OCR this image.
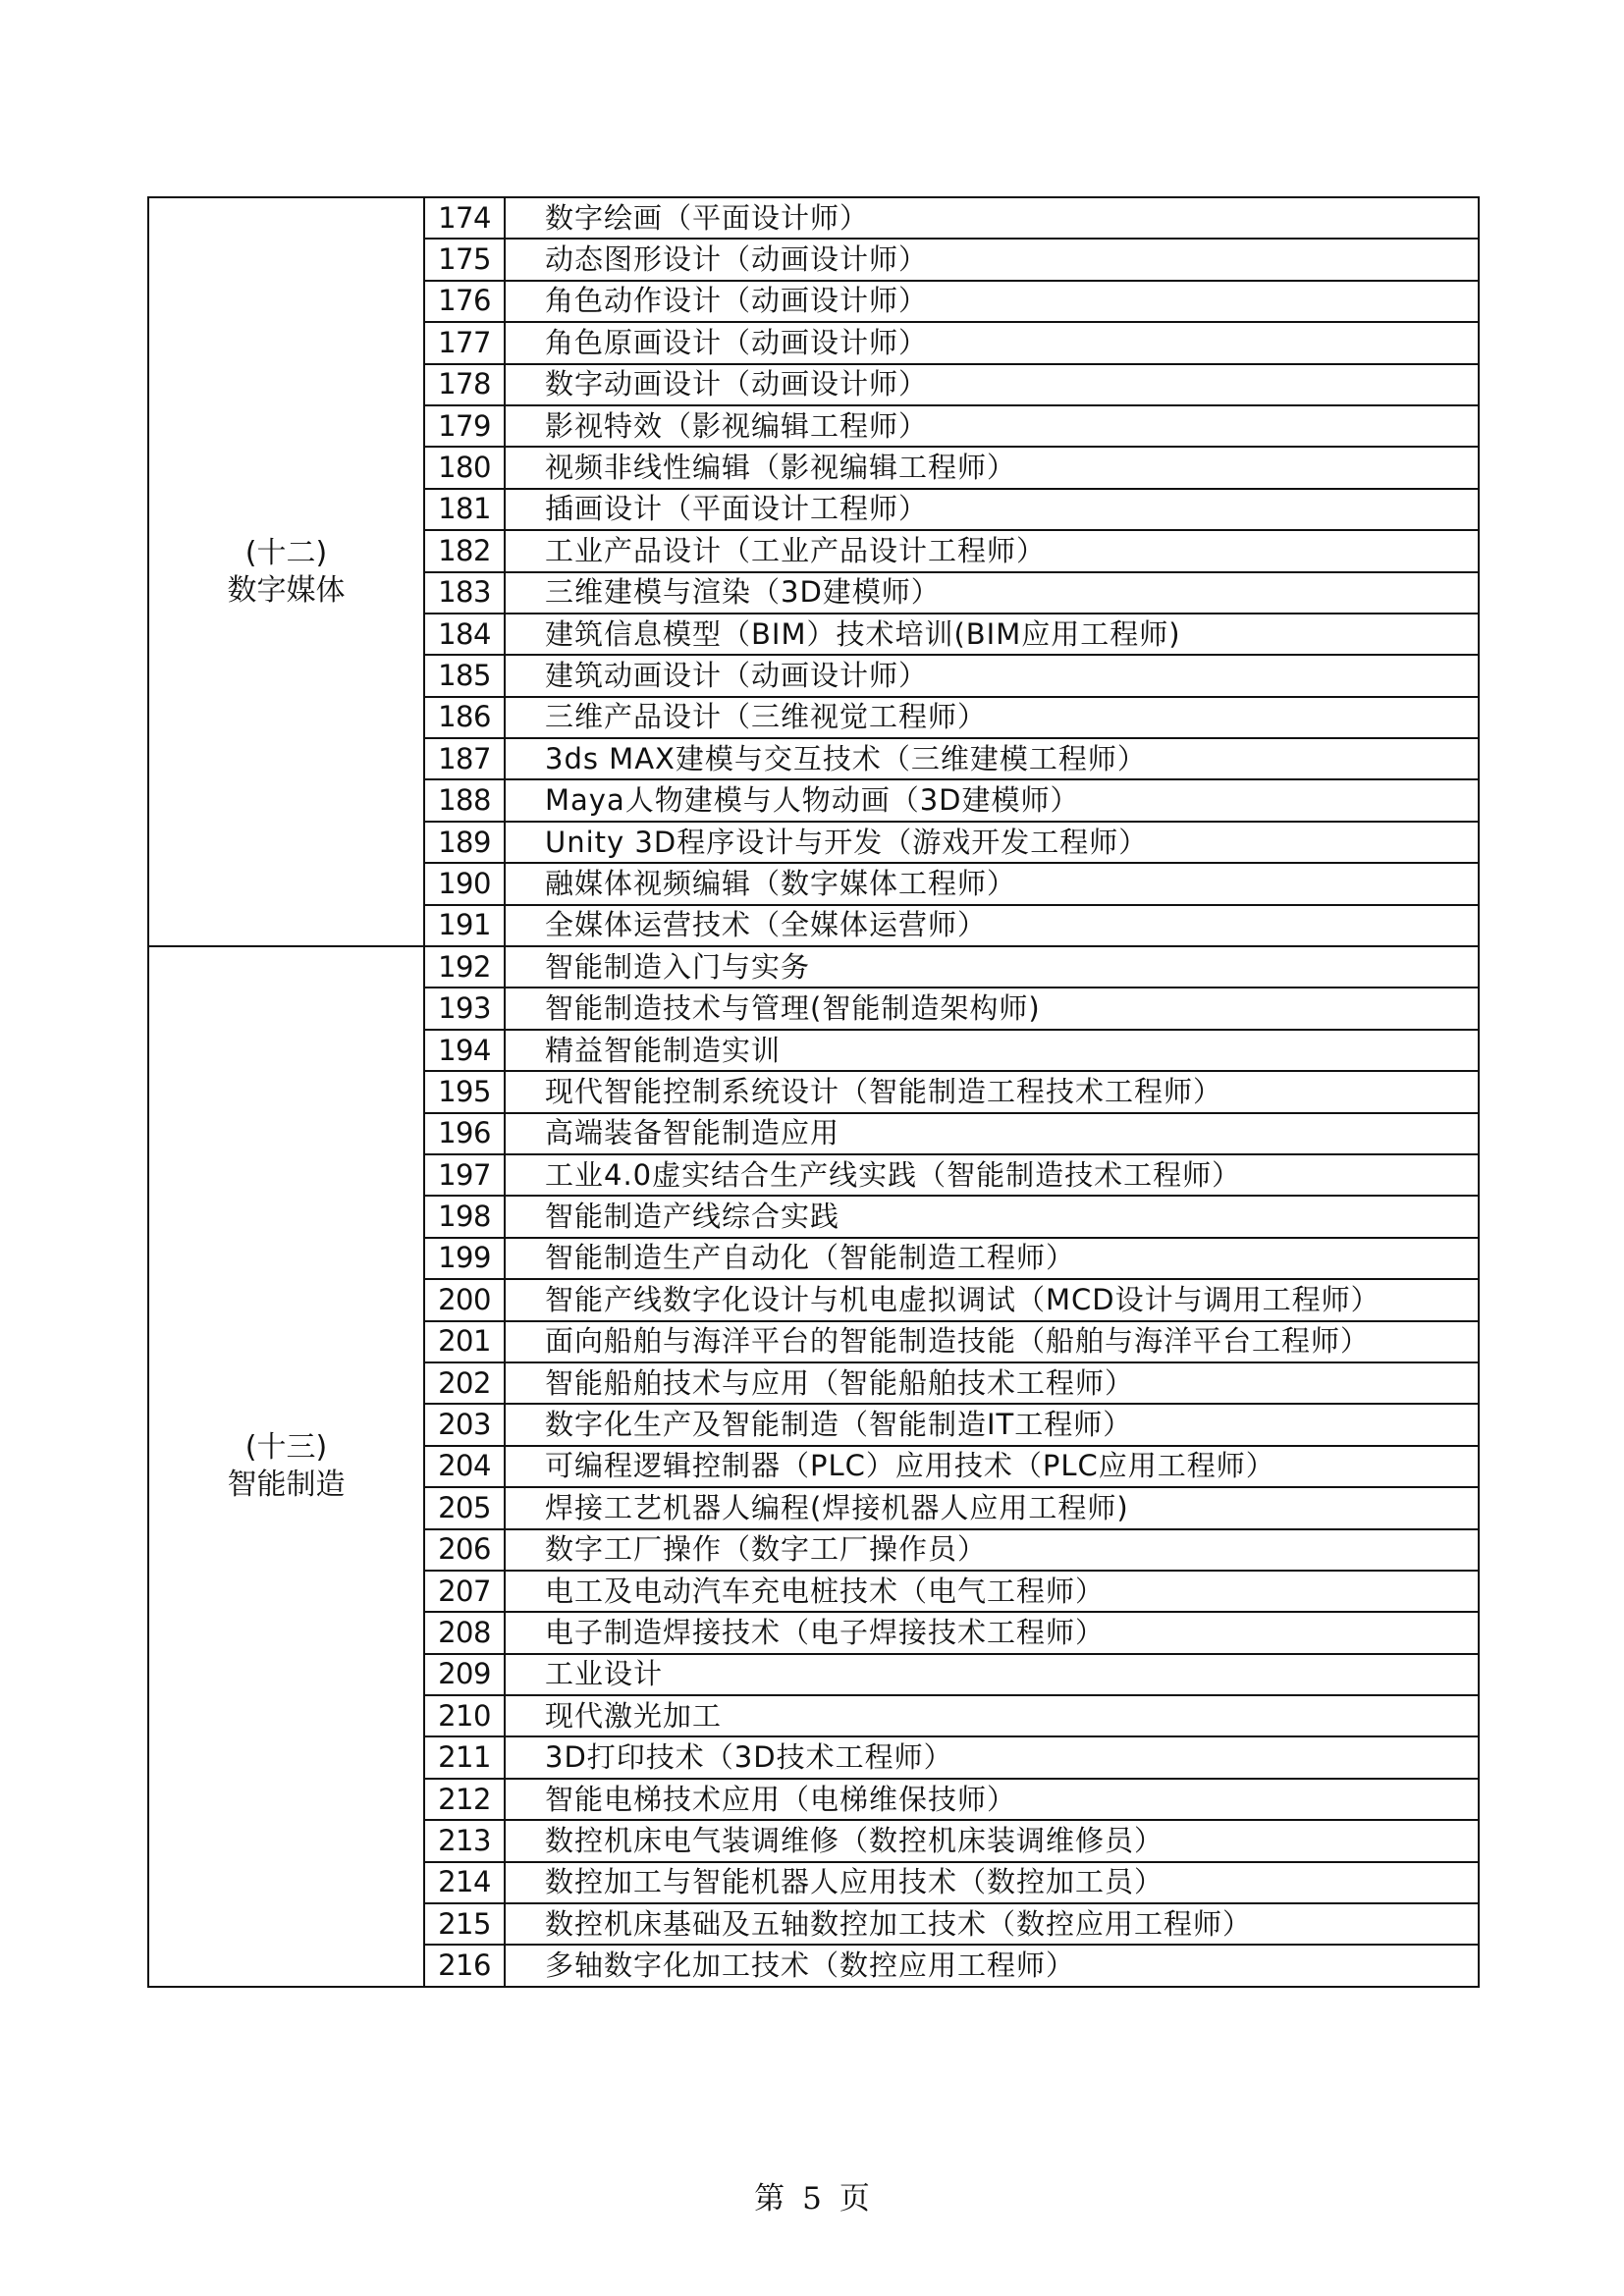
(十二)
数字媒体	174	数字绘画（平面设计师）
	175	动态图形设计（动画设计师）
	176	角色动作设计（动画设计师）
	177	角色原画设计（动画设计师）
	178	数字动画设计（动画设计师）
	179	影视特效（影视编辑工程师）
	180	视频非线性编辑（影视编辑工程师）
	181	插画设计（平面设计工程师）
	182	工业产品设计（工业产品设计工程师）
	183	三维建模与渲染（3D建模师）
	184	建筑信息模型（BIM）技术培训(BIM应用工程师)
	185	建筑动画设计（动画设计师）
	186	三维产品设计（三维视觉工程师）
	187	3ds MAX建模与交互技术（三维建模工程师）
	188	Maya人物建模与人物动画（3D建模师）
	189	Unity 3D程序设计与开发（游戏开发工程师）
	190	融媒体视频编辑（数字媒体工程师）
	191	全媒体运营技术（全媒体运营师）

(十三)
智能制造	192	智能制造入门与实务
	193	智能制造技术与管理(智能制造架构师)
	194	精益智能制造实训
	195	现代智能控制系统设计（智能制造工程技术工程师）
	196	高端装备智能制造应用
	197	工业4.0虚实结合生产线实践（智能制造技术工程师）
	198	智能制造产线综合实践
	199	智能制造生产自动化（智能制造工程师）
	200	智能产线数字化设计与机电虚拟调试（MCD设计与调用工程师）
	201	面向船舶与海洋平台的智能制造技能（船舶与海洋平台工程师）
	202	智能船舶技术与应用（智能船舶技术工程师）
	203	数字化生产及智能制造（智能制造IT工程师）
	204	可编程逻辑控制器（PLC）应用技术（PLC应用工程师）
	205	焊接工艺机器人编程(焊接机器人应用工程师)
	206	数字工厂操作（数字工厂操作员）
	207	电工及电动汽车充电桩技术（电气工程师）
	208	电子制造焊接技术（电子焊接技术工程师）
	209	工业设计
	210	现代激光加工
	211	3D打印技术（3D技术工程师）
	212	智能电梯技术应用（电梯维保技师）
	213	数控机床电气装调维修（数控机床装调维修员）
	214	数控加工与智能机器人应用技术（数控加工员）
	215	数控机床基础及五轴数控加工技术（数控应用工程师）
	216	多轴数字化加工技术（数控应用工程师）
第 5 页
